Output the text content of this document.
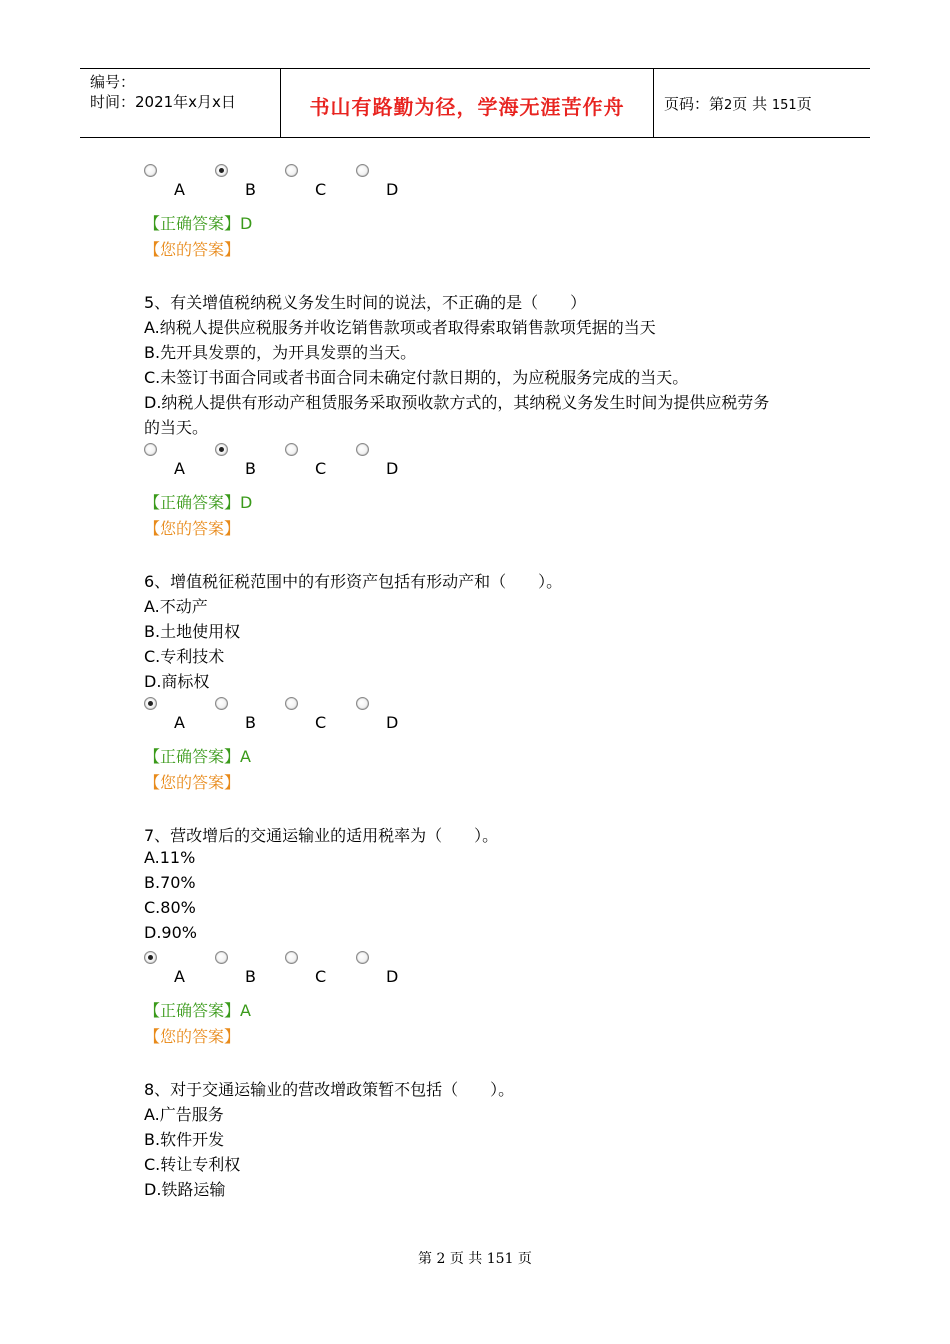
编号：
时间：2021年x月x日	书山有路勤为径，学海无涯苦作舟	页码：第2页 共 151页
A	B	C	D
【正确答案】D
【您的答案】
5、有关增值税纳税义务发生时间的说法，不正确的是（　　）
A.纳税人提供应税服务并收讫销售款项或者取得索取销售款项凭据的当天
B.先开具发票的，为开具发票的当天。
C.未签订书面合同或者书面合同未确定付款日期的，为应税服务完成的当天。
D.纳税人提供有形动产租赁服务采取预收款方式的，其纳税义务发生时间为提供应税劳务
的当天。
A	B	C	D
【正确答案】D
【您的答案】
6、增值税征税范围中的有形资产包括有形动产和（　　）。
A.不动产
B.土地使用权
C.专利技术
D.商标权
A	B	C	D
【正确答案】A
【您的答案】
7、营改增后的交通运输业的适用税率为（　　）。
A.11%
B.70%
C.80%
D.90%
A	B	C	D
【正确答案】A
【您的答案】
8、对于交通运输业的营改增政策暂不包括（　　）。
A.广告服务
B.软件开发
C.转让专利权
D.铁路运输
第 2 页 共 151 页
